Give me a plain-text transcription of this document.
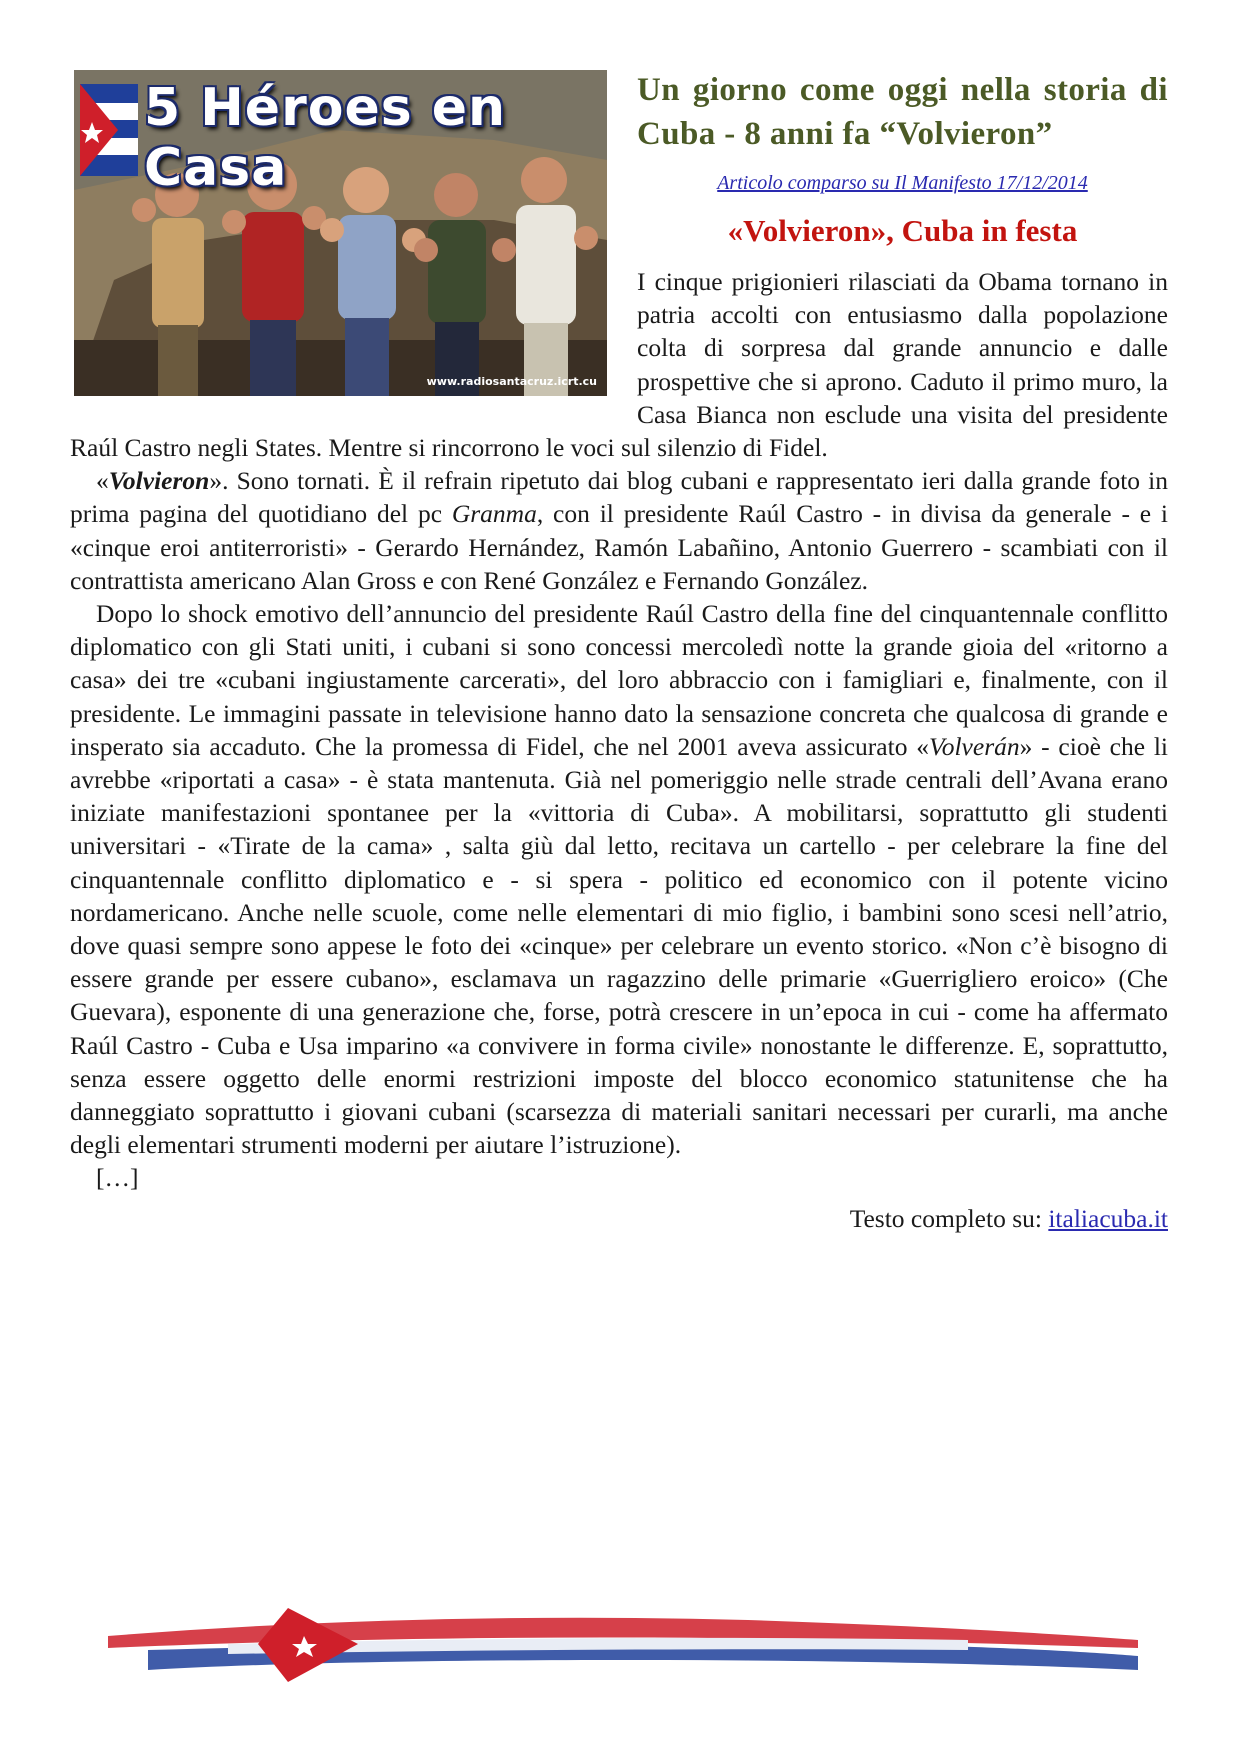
5 Héroes en Casa
www.radiosantacruz.icrt.cu
Un giorno come oggi nella storia di Cuba - 8 anni fa “Volvieron”

Articolo comparso su Il Manifesto 17/12/2014

«Volvieron», Cuba in festa

I cinque prigionieri rilasciati da Obama tornano in patria accolti con entusiasmo dalla popolazione colta di sorpresa dal grande annuncio e dalle prospettive che si aprono. Caduto il primo muro, la Casa Bianca non esclude una visita del presidente Raúl Castro negli States. Mentre si rincorrono le voci sul silenzio di Fidel.

«Volvieron». Sono tornati. È il refrain ripetuto dai blog cubani e rappresentato ieri dalla grande foto in prima pagina del quotidiano del pc Granma, con il presidente Raúl Castro - in divisa da generale - e i «cinque eroi antiterroristi» - Gerardo Hernández, Ramón Labañino, Antonio Guerrero - scambiati con il contrattista americano Alan Gross e con René González e Fernando González.

Dopo lo shock emotivo dell’annuncio del presidente Raúl Castro della fine del cinquantennale conflitto diplomatico con gli Stati uniti, i cubani si sono concessi mercoledì notte la grande gioia del «ritorno a casa» dei tre «cubani ingiustamente carcerati», del loro abbraccio con i famigliari e, finalmente, con il presidente. Le immagini passate in televisione hanno dato la sensazione concreta che qualcosa di grande e insperato sia accaduto. Che la promessa di Fidel, che nel 2001 aveva assicurato «Volverán» - cioè che li avrebbe «riportati a casa» - è stata mantenuta. Già nel pomeriggio nelle strade centrali dell’Avana erano iniziate manifestazioni spontanee per la «vittoria di Cuba». A mobilitarsi, soprattutto gli studenti universitari - «Tirate de la cama» , salta giù dal letto, recitava un cartello - per celebrare la fine del cinquantennale conflitto diplomatico e - si spera - politico ed economico con il potente vicino nordamericano. Anche nelle scuole, come nelle elementari di mio figlio, i bambini sono scesi nell’atrio, dove quasi sempre sono appese le foto dei «cinque» per celebrare un evento storico. «Non c’è bisogno di essere grande per essere cubano», esclamava un ragazzino delle primarie «Guerrigliero eroico» (Che Guevara), esponente di una generazione che, forse, potrà crescere in un’epoca in cui - come ha affermato Raúl Castro - Cuba e Usa imparino «a convivere in forma civile» nonostante le differenze. E, soprattutto, senza essere oggetto delle enormi restrizioni imposte del blocco economico statunitense che ha danneggiato soprattutto i giovani cubani (scarsezza di materiali sanitari necessari per curarli, ma anche degli elementari strumenti moderni per aiutare l’istruzione).

[…]

Testo completo su: italiacuba.it
